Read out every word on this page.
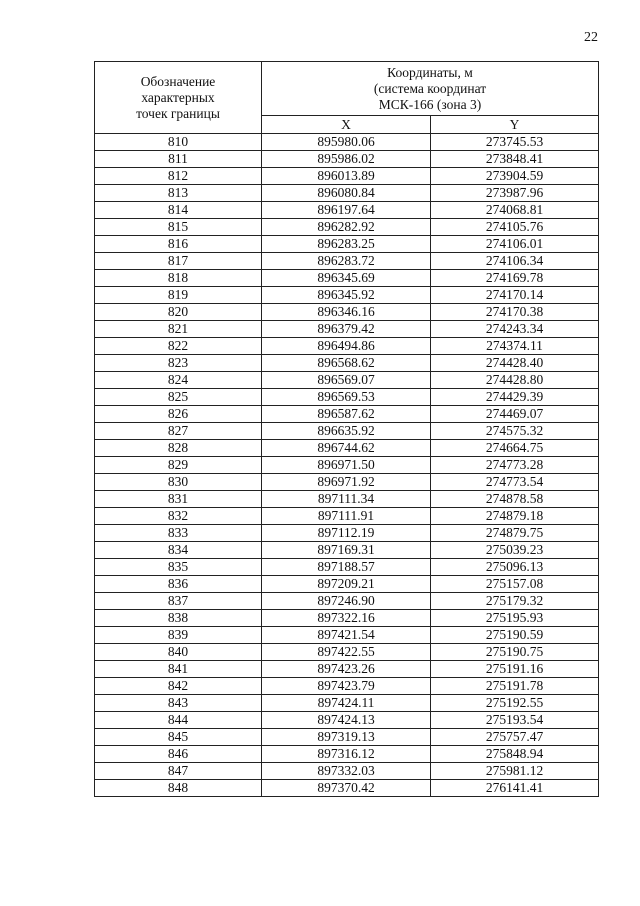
22
Обозначение
характерных
точек границы	Координаты, м
(система координат
МСК-166 (зона 3)	

	X	Y
810	895980.06	273745.53
811	895986.02	273848.41
812	896013.89	273904.59
813	896080.84	273987.96
814	896197.64	274068.81
815	896282.92	274105.76
816	896283.25	274106.01
817	896283.72	274106.34
818	896345.69	274169.78
819	896345.92	274170.14
820	896346.16	274170.38
821	896379.42	274243.34
822	896494.86	274374.11
823	896568.62	274428.40
824	896569.07	274428.80
825	896569.53	274429.39
826	896587.62	274469.07
827	896635.92	274575.32
828	896744.62	274664.75
829	896971.50	274773.28
830	896971.92	274773.54
831	897111.34	274878.58
832	897111.91	274879.18
833	897112.19	274879.75
834	897169.31	275039.23
835	897188.57	275096.13
836	897209.21	275157.08
837	897246.90	275179.32
838	897322.16	275195.93
839	897421.54	275190.59
840	897422.55	275190.75
841	897423.26	275191.16
842	897423.79	275191.78
843	897424.11	275192.55
844	897424.13	275193.54
845	897319.13	275757.47
846	897316.12	275848.94
847	897332.03	275981.12
848	897370.42	276141.41
